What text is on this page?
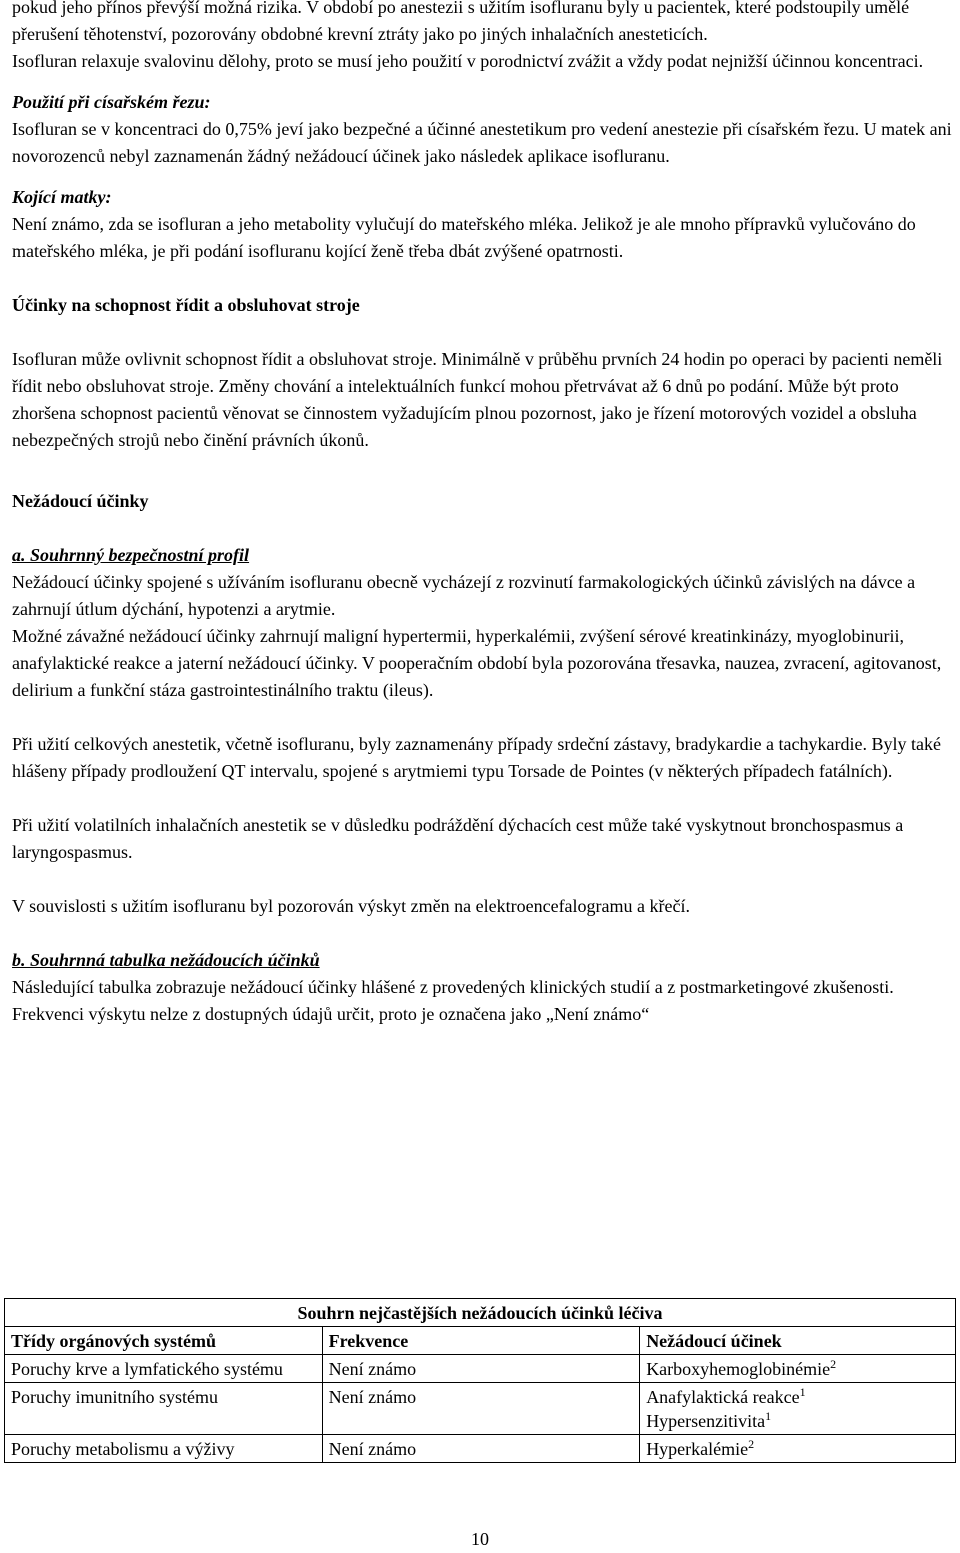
pokud jeho přínos převýší možná rizika. V období po anestezii s užitím isofluranu byly u pacientek, které podstoupily umělé přerušení těhotenství, pozorovány obdobné krevní ztráty jako po jiných inhalačních anesteticích.

Isofluran relaxuje svalovinu dělohy, proto se musí jeho použití v porodnictví zvážit a vždy podat nejnižší účinnou koncentraci.

Použití při císařském řezu:

Isofluran se v koncentraci do 0,75% jeví jako bezpečné a účinné anestetikum pro vedení anestezie při císařském řezu. U matek ani novorozenců nebyl zaznamenán žádný nežádoucí účinek jako následek aplikace isofluranu.

Kojící matky:

Není známo, zda se isofluran a jeho metabolity vylučují do mateřského mléka. Jelikož je ale mnoho přípravků vylučováno do mateřského mléka, je při podání isofluranu kojící ženě třeba dbát zvýšené opatrnosti.

Účinky na schopnost řídit a obsluhovat stroje

Isofluran může ovlivnit schopnost řídit a obsluhovat stroje. Minimálně v průběhu prvních 24 hodin po operaci by pacienti neměli řídit nebo obsluhovat stroje. Změny chování a intelektuálních funkcí mohou přetrvávat až 6 dnů po podání. Může být proto zhoršena schopnost pacientů věnovat se činnostem vyžadujícím plnou pozornost, jako je řízení motorových vozidel a obsluha nebezpečných strojů nebo činění právních úkonů.

Nežádoucí účinky

a. Souhrnný bezpečnostní profil

Nežádoucí účinky spojené s užíváním isofluranu obecně vycházejí z rozvinutí farmakologických účinků závislých na dávce a zahrnují útlum dýchání, hypotenzi a arytmie.

Možné závažné nežádoucí účinky zahrnují maligní hypertermii, hyperkalémii, zvýšení sérové kreatinkinázy, myoglobinurii, anafylaktické reakce a jaterní nežádoucí účinky. V pooperačním období byla pozorována třesavka, nauzea, zvracení, agitovanost, delirium a funkční stáza gastrointestinálního traktu (ileus).

Při užití celkových anestetik, včetně isofluranu, byly zaznamenány případy srdeční zástavy, bradykardie a tachykardie. Byly také hlášeny případy prodloužení QT intervalu, spojené s arytmiemi typu Torsade de Pointes (v některých případech fatálních).

Při užití volatilních inhalačních anestetik se v důsledku podráždění dýchacích cest může také vyskytnout bronchospasmus a laryngospasmus.

V souvislosti s užitím isofluranu byl pozorován výskyt změn na elektroencefalogramu a křečí.

b. Souhrnná tabulka nežádoucích účinků

Následující tabulka zobrazuje nežádoucí účinky hlášené z provedených klinických studií a z postmarketingové zkušenosti. Frekvenci výskytu nelze z dostupných údajů určit, proto je označena jako „Není známo“

Souhrn nejčastějších nežádoucích účinků léčiva		
Třídy orgánových systémů	Frekvence	Nežádoucí účinek
Poruchy krve a lymfatického systému	Není známo	Karboxyhemoglobinémie$^2$
Poruchy imunitního systému	Není známo	Anafylaktická reakce$^1$
Hypersenzitivita$^1$
Poruchy metabolismu a výživy	Není známo	Hyperkalémie$^2$
10
